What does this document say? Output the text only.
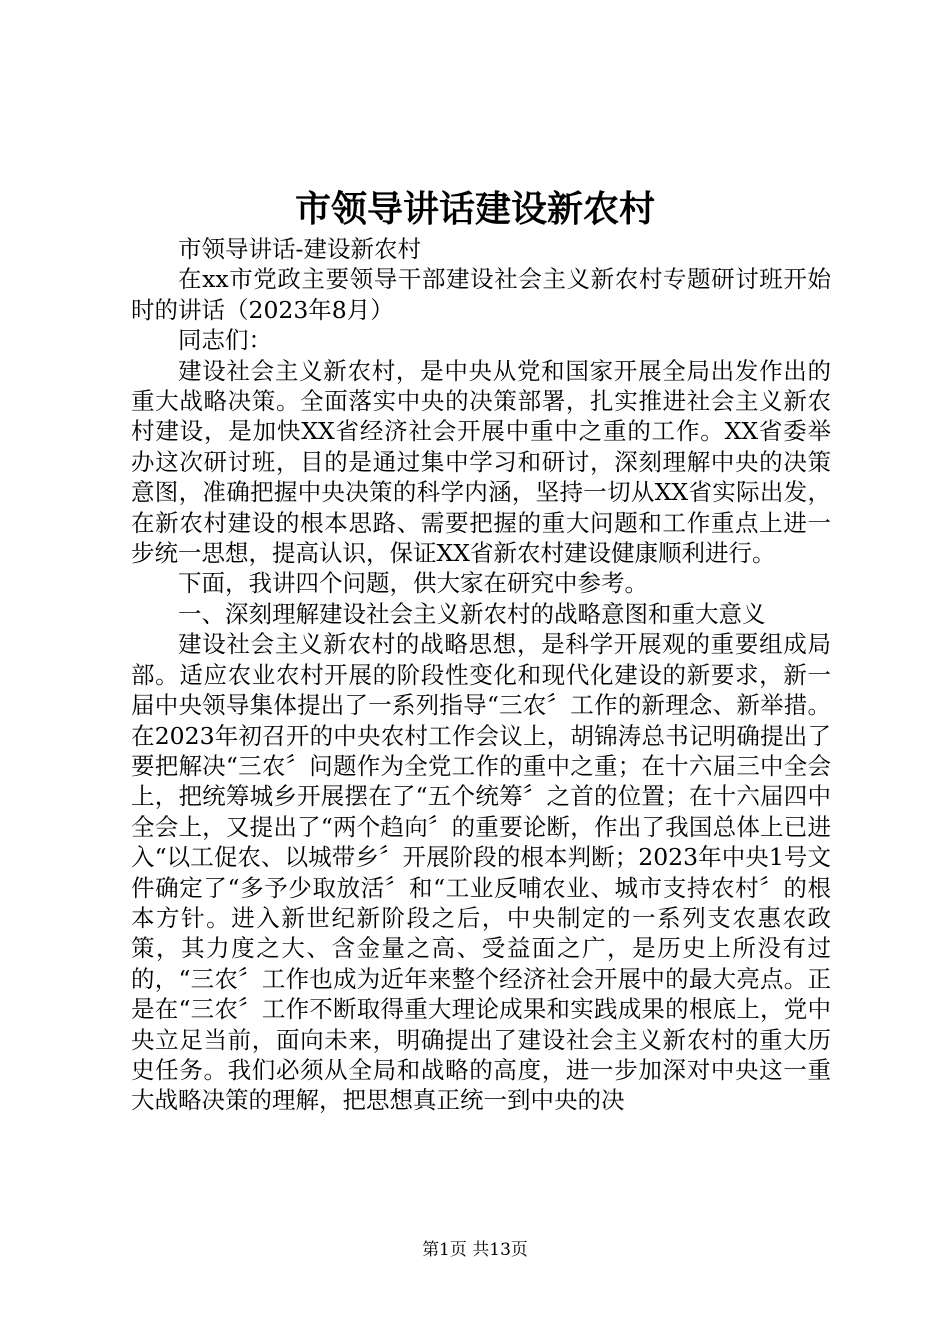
市领导讲话建设新农村

市领导讲话-建设新农村

在xx市党政主要领导干部建设社会主义新农村专题研讨班开始时的讲话（2023年8月）

同志们：

建设社会主义新农村，是中央从党和国家开展全局出发作出的重大战略决策。全面落实中央的决策部署，扎实推进社会主义新农村建设，是加快XX省经济社会开展中重中之重的工作。XX省委举办这次研讨班，目的是通过集中学习和研讨，深刻理解中央的决策意图，准确把握中央决策的科学内涵，坚持一切从XX省实际出发，在新农村建设的根本思路、需要把握的重大问题和工作重点上进一步统一思想，提高认识，保证XX省新农村建设健康顺利进行。

下面，我讲四个问题，供大家在研究中参考。

一、深刻理解建设社会主义新农村的战略意图和重大意义

建设社会主义新农村的战略思想，是科学开展观的重要组成局部。适应农业农村开展的阶段性变化和现代化建设的新要求，新一届中央领导集体提出了一系列指导“三农〞工作的新理念、新举措。在2023年初召开的中央农村工作会议上，胡锦涛总书记明确提出了要把解决“三农〞问题作为全党工作的重中之重；在十六届三中全会上，把统筹城乡开展摆在了“五个统筹〞之首的位置；在十六届四中全会上，又提出了“两个趋向〞的重要论断，作出了我国总体上已进入“以工促农、以城带乡〞开展阶段的根本判断；2023年中央1号文件确定了“多予少取放活〞和“工业反哺农业、城市支持农村〞的根本方针。进入新世纪新阶段之后，中央制定的一系列支农惠农政策，其力度之大、含金量之高、受益面之广，是历史上所没有过的，“三农〞工作也成为近年来整个经济社会开展中的最大亮点。正是在“三农〞工作不断取得重大理论成果和实践成果的根底上，党中央立足当前，面向未来，明确提出了建设社会主义新农村的重大历史任务。我们必须从全局和战略的高度，进一步加深对中央这一重大战略决策的理解，把思想真正统一到中央的决

第1页 共13页
